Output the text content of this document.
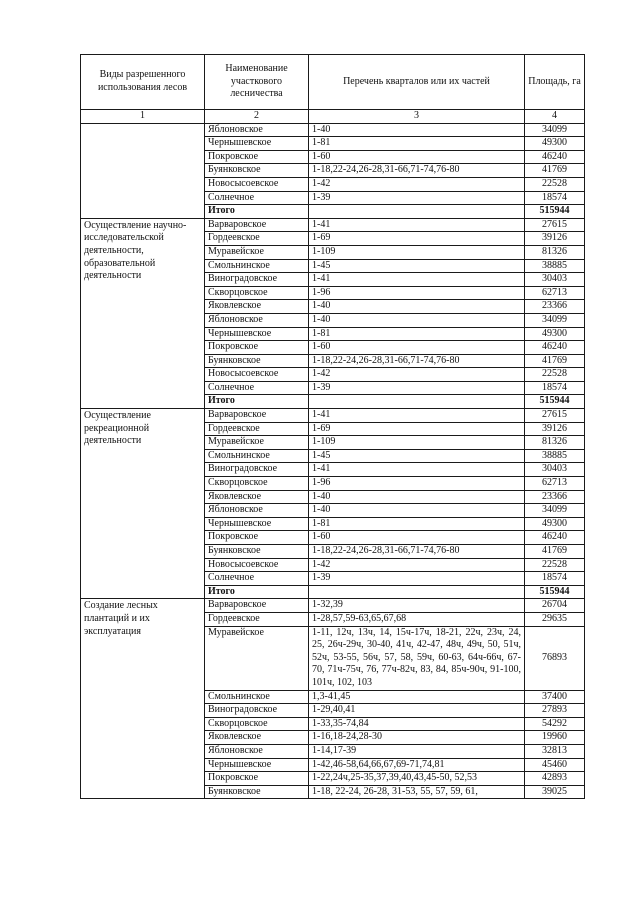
Виды разрешенного использования лесов	Наименование участкового лесничества	Перечень кварталов или их частей	Площадь, га
1	2	3	4
	Яблоновское	1-40	34099
	Чернышевское	1-81	49300
	Покровское	1-60	46240
	Буянковское	1-18,22-24,26-28,31-66,71-74,76-80	41769
	Новосысоевское	1-42	22528
	Солнечное	1-39	18574
	Итого		515944
Осуществление научно-исследовательской деятельности, образовательной деятельности	Варваровское	1-41	27615
	Гордеевское	1-69	39126
	Муравейское	1-109	81326
	Смольнинское	1-45	38885
	Виноградовское	1-41	30403
	Скворцовское	1-96	62713
	Яковлевское	1-40	23366
	Яблоновское	1-40	34099
	Чернышевское	1-81	49300
	Покровское	1-60	46240
	Буянковское	1-18,22-24,26-28,31-66,71-74,76-80	41769
	Новосысоевское	1-42	22528
	Солнечное	1-39	18574
	Итого		515944
Осуществление рекреационной деятельности	Варваровское	1-41	27615
	Гордеевское	1-69	39126
	Муравейское	1-109	81326
	Смольнинское	1-45	38885
	Виноградовское	1-41	30403
	Скворцовское	1-96	62713
	Яковлевское	1-40	23366
	Яблоновское	1-40	34099
	Чернышевское	1-81	49300
	Покровское	1-60	46240
	Буянковское	1-18,22-24,26-28,31-66,71-74,76-80	41769
	Новосысоевское	1-42	22528
	Солнечное	1-39	18574
	Итого		515944
Создание лесных плантаций и их эксплуатация	Варваровское	1-32,39	26704
	Гордеевское	1-28,57,59-63,65,67,68	29635
	Муравейское	1-11, 12ч, 13ч, 14, 15ч-17ч, 18-21, 22ч, 23ч, 24, 25, 26ч-29ч, 30-40, 41ч, 42-47, 48ч, 49ч, 50, 51ч, 52ч, 53-55, 56ч, 57, 58, 59ч, 60-63, 64ч-66ч, 67-70, 71ч-75ч, 76, 77ч-82ч, 83, 84, 85ч-90ч, 91-100, 101ч, 102, 103	76893
	Смольнинское	1,3-41,45	37400
	Виноградовское	1-29,40,41	27893
	Скворцовское	1-33,35-74,84	54292
	Яковлевское	1-16,18-24,28-30	19960
	Яблоновское	1-14,17-39	32813
	Чернышевское	1-42,46-58,64,66,67,69-71,74,81	45460
	Покровское	1-22,24ч,25-35,37,39,40,43,45-50, 52,53	42893
	Буянковское	1-18, 22-24, 26-28, 31-53, 55, 57, 59, 61,	39025
